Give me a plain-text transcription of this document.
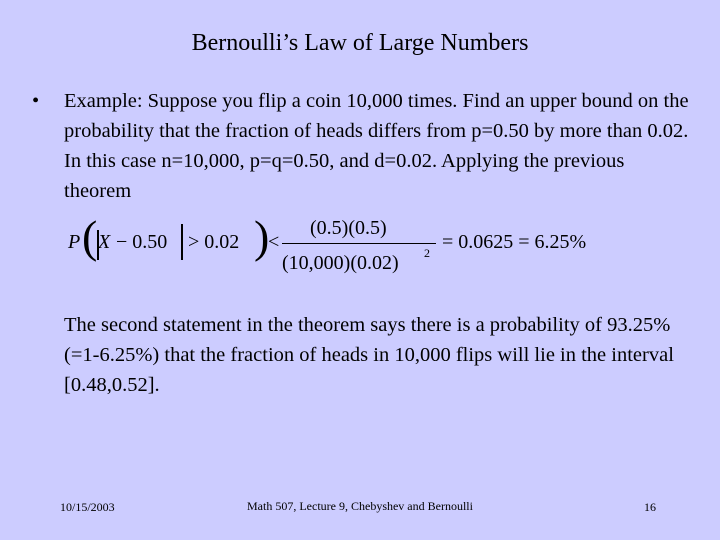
Bernoulli’s Law of Large Numbers
• Example: Suppose you flip a coin 10,000 times. Find an upper bound on the probability that the fraction of heads differs from p=0.50 by more than 0.02. In this case n=10,000, p=q=0.50, and d=0.02. Applying the previous theorem
P ( X − 0.50 > 0.02 )
<
(0.5)(0.5)
(10,000)(0.02) 2 = 0.0625 = 6.25%
The second statement in the theorem says there is a probability of 93.25% (=1-6.25%) that the fraction of heads in 10,000 flips will lie in the interval [0.48,0.52].
10/15/2003	Math 507, Lecture 9, Chebyshev and Bernoulli	16
